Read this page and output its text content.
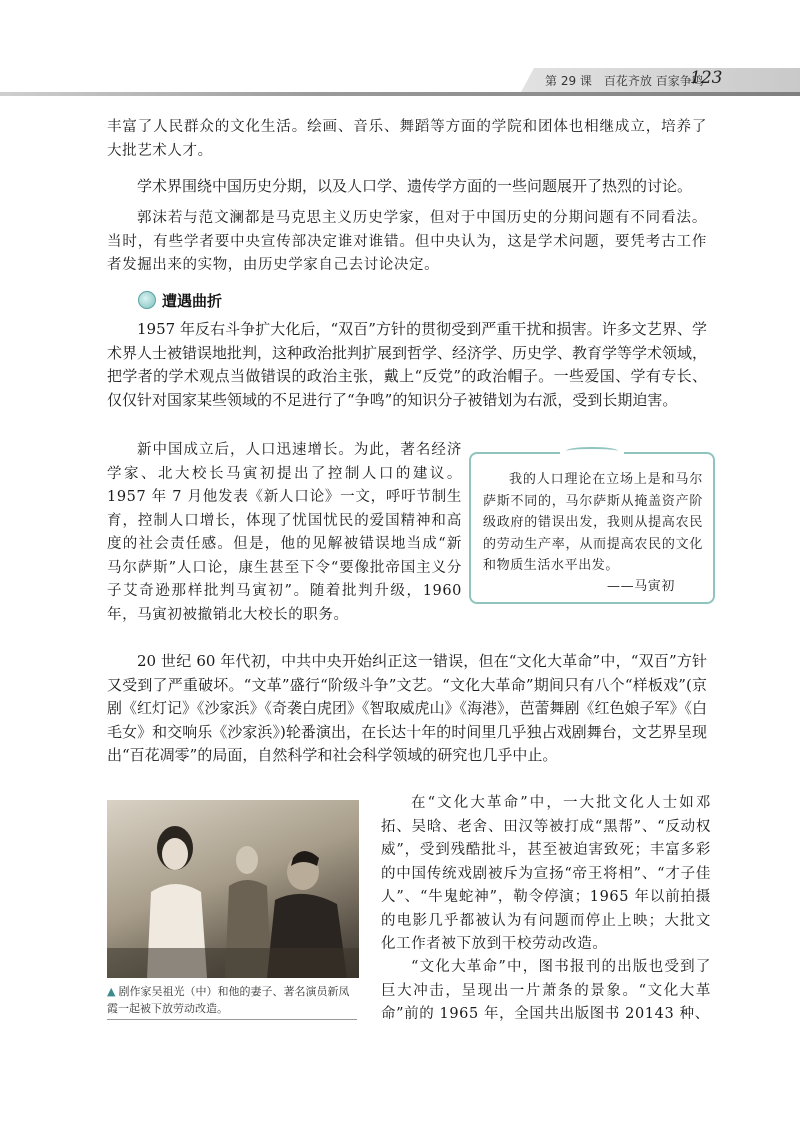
第 29 课　百花齐放 百家争鸣
123

丰富了人民群众的文化生活。绘画、音乐、舞蹈等方面的学院和团体也相继成立，培养了大批艺术人才。

学术界围绕中国历史分期，以及人口学、遗传学方面的一些问题展开了热烈的讨论。

郭沫若与范文澜都是马克思主义历史学家，但对于中国历史的分期问题有不同看法。当时，有些学者要中央宣传部决定谁对谁错。但中央认为，这是学术问题，要凭考古工作者发掘出来的实物，由历史学家自己去讨论决定。

遭遇曲折

1957 年反右斗争扩大化后，“双百”方针的贯彻受到严重干扰和损害。许多文艺界、学术界人士被错误地批判，这种政治批判扩展到哲学、经济学、历史学、教育学等学术领域，把学者的学术观点当做错误的政治主张，戴上“反党”的政治帽子。一些爱国、学有专长、仅仅针对国家某些领域的不足进行了“争鸣”的知识分子被错划为右派，受到长期迫害。

新中国成立后，人口迅速增长。为此，著名经济学家、北大校长马寅初提出了控制人口的建议。1957 年 7 月他发表《新人口论》一文，呼吁节制生育，控制人口增长，体现了忧国忧民的爱国精神和高度的社会责任感。但是，他的见解被错误地当成“新马尔萨斯”人口论，康生甚至下令“要像批帝国主义分子艾奇逊那样批判马寅初”。随着批判升级，1960 年，马寅初被撤销北大校长的职务。

我的人口理论在立场上是和马尔萨斯不同的，马尔萨斯从掩盖资产阶级政府的错误出发，我则从提高农民的劳动生产率，从而提高农民的文化和物质生活水平出发。

——马寅初

20 世纪 60 年代初，中共中央开始纠正这一错误，但在“文化大革命”中，“双百”方针又受到了严重破坏。“文革”盛行“阶级斗争”文艺。“文化大革命”期间只有八个“样板戏”(京剧《红灯记》《沙家浜》《奇袭白虎团》《智取威虎山》《海港》，芭蕾舞剧《红色娘子军》《白毛女》和交响乐《沙家浜》)轮番演出，在长达十年的时间里几乎独占戏剧舞台，文艺界呈现出“百花凋零”的局面，自然科学和社会科学领域的研究也几乎中止。

▲ 剧作家吴祖光（中）和他的妻子、著名演员新凤霞一起被下放劳动改造。

在“文化大革命”中，一大批文化人士如邓拓、吴晗、老舍、田汉等被打成“黑帮”、“反动权威”，受到残酷批斗，甚至被迫害致死；丰富多彩的中国传统戏剧被斥为宣扬“帝王将相”、“才子佳人”、“牛鬼蛇神”，勒令停演；1965 年以前拍摄的电影几乎都被认为有问题而停止上映；大批文化工作者被下放到干校劳动改造。

“文化大革命”中，图书报刊的出版也受到了巨大冲击，呈现出一片萧条的景象。“文化大革命”前的 1965 年，全国共出版图书 20143 种、
